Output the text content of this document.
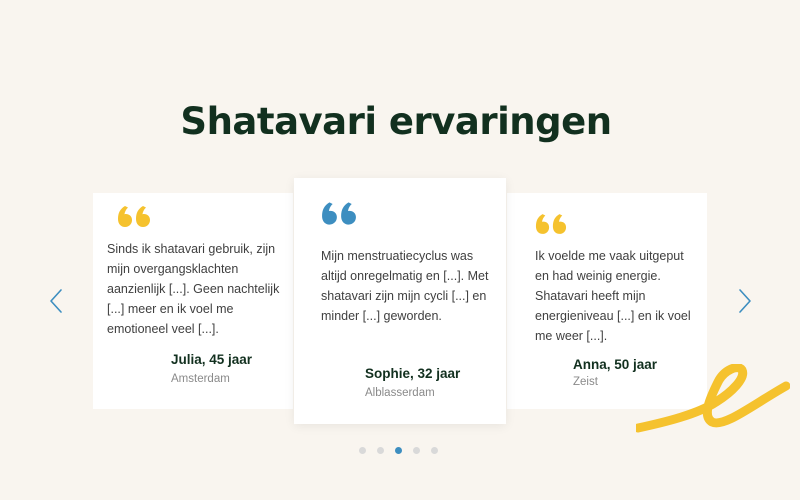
Shatavari ervaringen

Sinds ik shatavari gebruik, zijn mijn overgangsklachten aanzienlijk [...]. Geen nachtelijk [...] meer en ik voel me emotioneel veel [...].

Julia, 45 jaar

Amsterdam

Mijn menstruatiecyclus was altijd onregelmatig en [...]. Met shatavari zijn mijn cycli [...] en minder [...] geworden.

Sophie, 32 jaar

Alblasserdam

Ik voelde me vaak uitgeput en had weinig energie. Shatavari heeft mijn energieniveau [...] en ik voel me weer [...].

Anna, 50 jaar

Zeist
